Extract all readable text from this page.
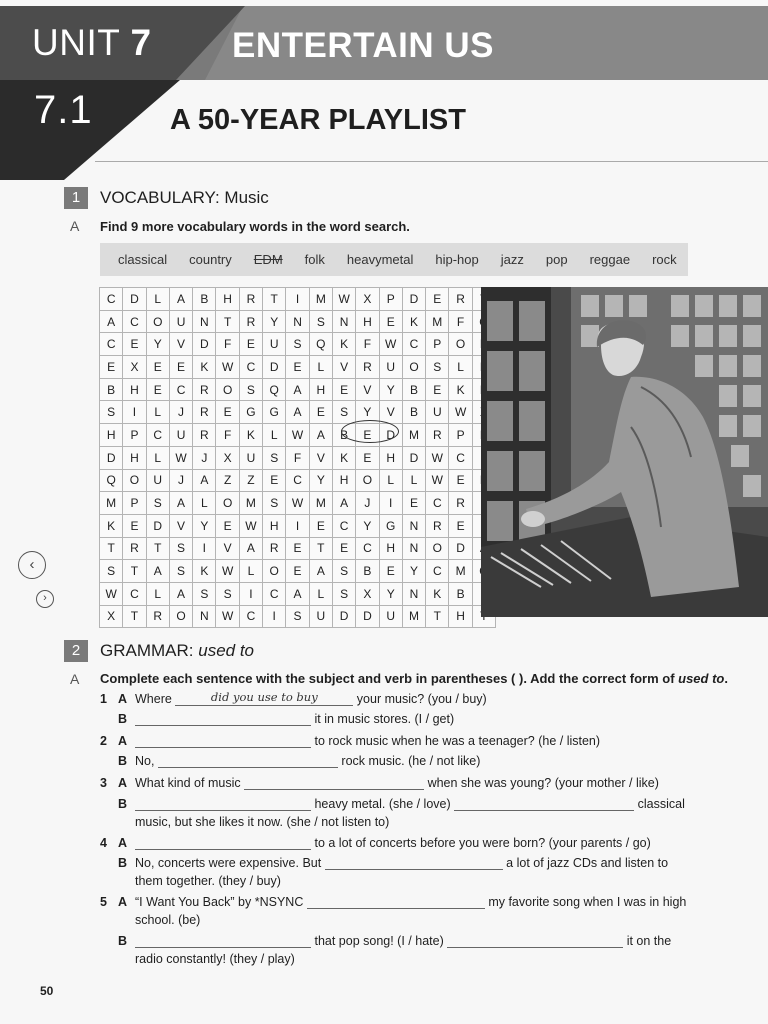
UNIT 7 ENTERTAIN US
7.1	A 50-YEAR PLAYLIST
1	VOCABULARY: Music
A Find 9 more vocabulary words in the word search.
classical country EDM folk heavymetal hip-hop jazz pop reggae rock
C	D	L	A	B	H	R	T	I	M	W	X	P	D	E	R	
A	C	O	U	N	T	R	Y	N	S	N	H	E	K	M	F	
C	E	Y	V	D	F	E	U	S	Q	K	F	W	C	P	O	
E	X	E	E	K	W	C	D	E	L	V	R	U	O	S	L	
B	H	E	C	R	O	S	Q	A	H	E	V	Y	B	E	K	
S	I	L	J	R	E	G	G	A	E	S	Y	V	B	U	W	
H	P	C	U	R	F	K	L	W	A	B	E	D	M	R	P	
D	H	L	W	J	X	U	S	F	V	K	E	H	D	W	C	
Q	O	U	J	A	Z	Z	E	C	Y	H	O	L	L	W	E	
M	P	S	A	L	O	M	S	W	M	A	J	I	E	C	R	
K	E	D	V	Y	E	W	H	I	E	C	Y	G	N	R	E	
T	R	T	S	I	V	A	R	E	T	E	C	H	N	O	D	
S	T	A	S	K	W	L	O	E	A	S	B	E	Y	C	M	
W	C	L	A	S	S	I	C	A	L	S	X	Y	N	K	B	
X	T	R	O	N	W	C	I	S	U	D	D	U	M	T	H	
‹
›
2	GRAMMAR: used to
A Complete each sentence with the subject and verb in parentheses ( ). Add the correct form of used to.
1 A Where	did you use to buy	your music? (you / buy)
B	it in music stores. (I / get)
2 A	to rock music when he was a teenager? (he / listen)
B No,	rock music. (he / not like)
3 A What kind of music	when she was young? (your mother / like)
B	heavy metal. (she / love)	classical
music, but she likes it now. (she / not listen to)
4 A	to a lot of concerts before you were born? (your parents / go)
B No, concerts were expensive. But	a lot of jazz CDs and listen to
them together. (they / buy)
5 A “I Want You Back” by *NSYNC	my favorite song when I was in high
school. (be)
B	that pop song! (I / hate)	it on the
radio constantly! (they / play)
50
